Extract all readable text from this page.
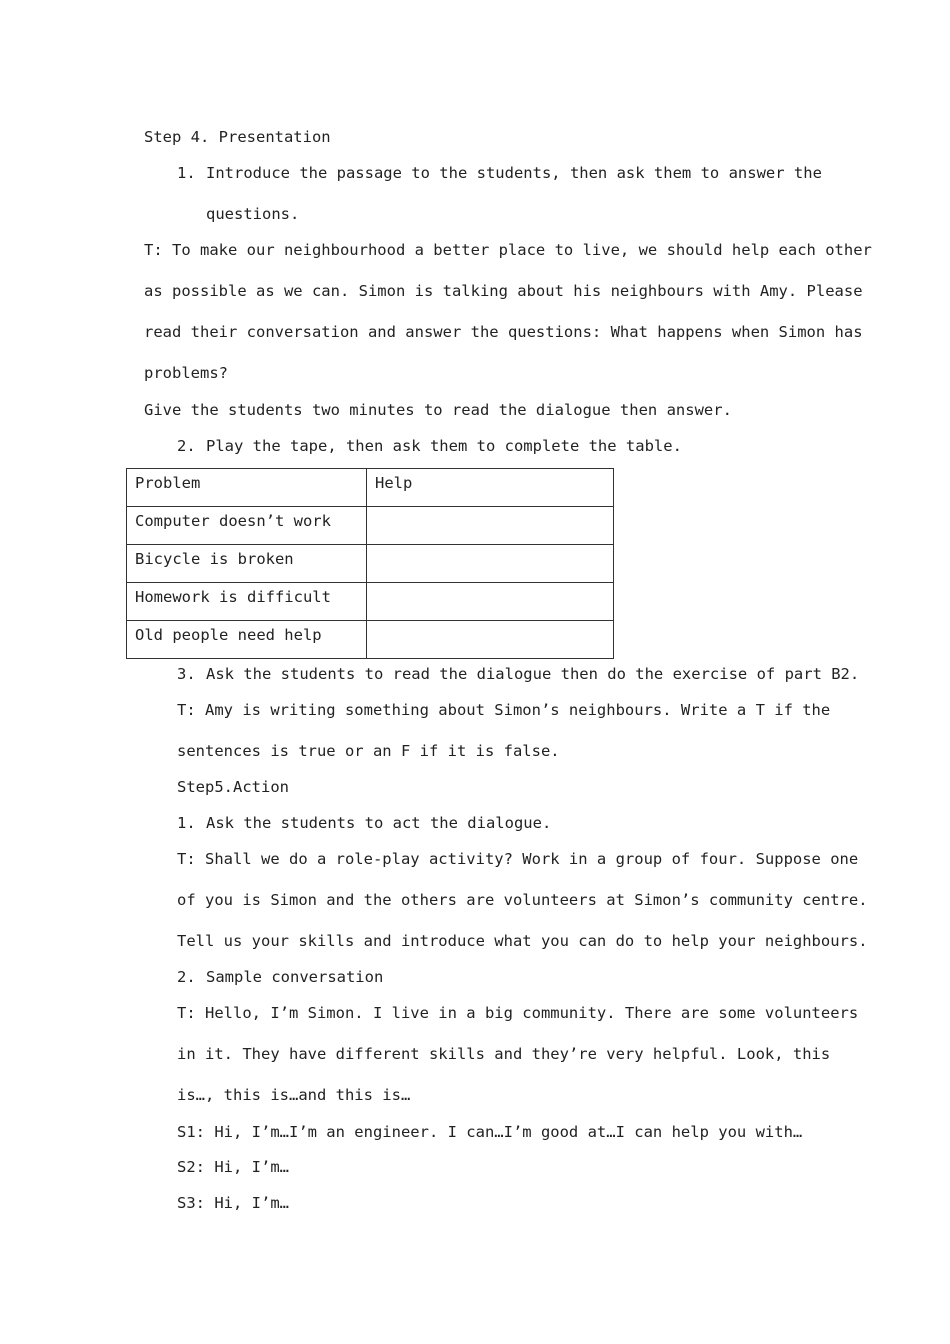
Step 4. Presentation
1. Introduce the passage to the students, then ask them to answer the
questions.
T: To make our neighbourhood a better place to live, we should help each other
as possible as we can. Simon is talking about his neighbours with Amy. Please
read their conversation and answer the questions: What happens when Simon has
problems?
Give the students two minutes to read the dialogue then answer.
2. Play the tape, then ask them to complete the table.
Problem	Help
Computer doesn’t work	
Bicycle is broken	
Homework is difficult	
Old people need help	
3. Ask the students to read the dialogue then do the exercise of part B2.
T: Amy is writing something about Simon’s neighbours. Write a T if the
sentences is true or an F if it is false.
Step5.Action
1. Ask the students to act the dialogue.
T: Shall we do a role-play activity? Work in a group of four. Suppose one
of you is Simon and the others are volunteers at Simon’s community centre.
Tell us your skills and introduce what you can do to help your neighbours.
2. Sample conversation
T: Hello, I’m Simon. I live in a big community. There are some volunteers
in it. They have different skills and they’re very helpful. Look, this
is…, this is…and this is…
S1: Hi, I’m…I’m an engineer. I can…I’m good at…I can help you with…
S2: Hi, I’m…
S3: Hi, I’m…
